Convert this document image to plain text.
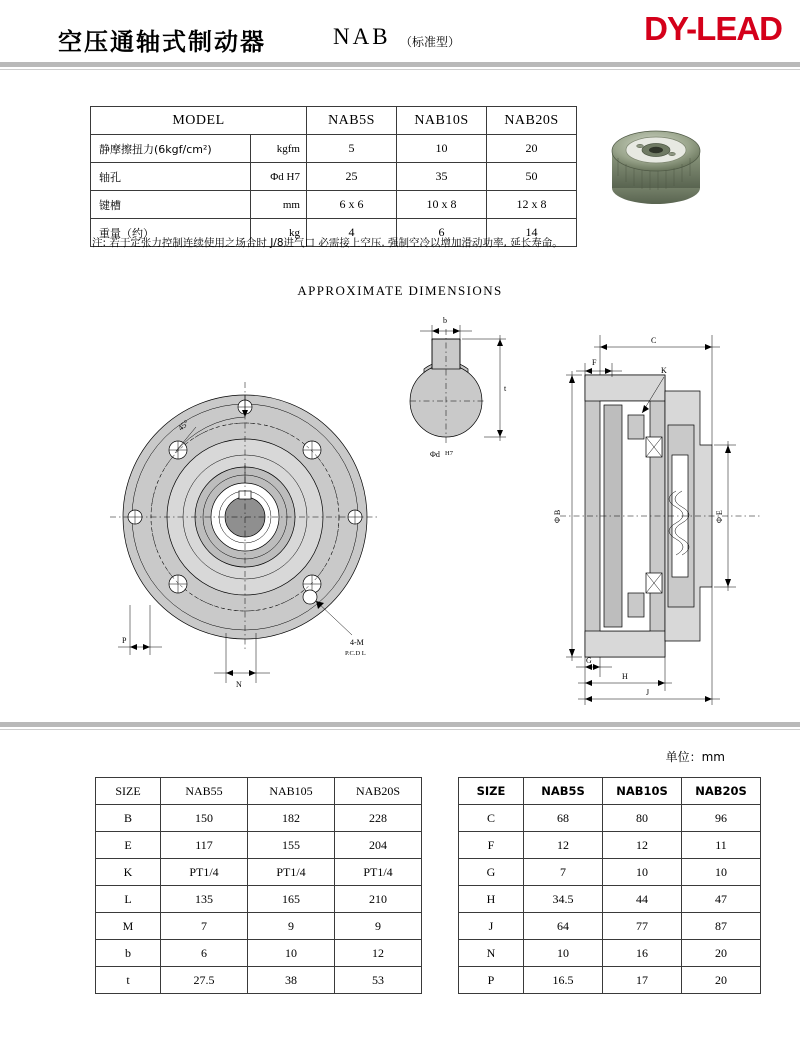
空压通轴式制动器	NAB （标准型）	DY-LEAD
MODEL		NAB5S	NAB10S	NAB20S
静摩擦扭力(6kgf/cm²)	kgfm	5	10	20
轴孔	Φd H7	25	35	50
键槽	mm	6 x 6	10 x 8	12 x 8
重量（约）	kg	4	6	14
注: 若于定张力控制连续使用之场合时 J/8进气口 必需接上空压. 强制空冷以增加滑动功率, 延长寿命。
APPROXIMATE DIMENSIONS
45°
N
P	4-M
P.C.D L
b
t
Φd H7
C
F
K
Φ B	Φ E
G
H
J
单位：mm
SIZE	NAB55	NAB105	NAB20S
B	150	182	228
E	117	155	204
K	PT1/4	PT1/4	PT1/4
L	135	165	210
M	7	9	9
b	6	10	12
t	27.5	38	53
SIZE	NAB5S	NAB10S	NAB20S
C	68	80	96
F	12	12	11
G	7	10	10
H	34.5	44	47
J	64	77	87
N	10	16	20
P	16.5	17	20
